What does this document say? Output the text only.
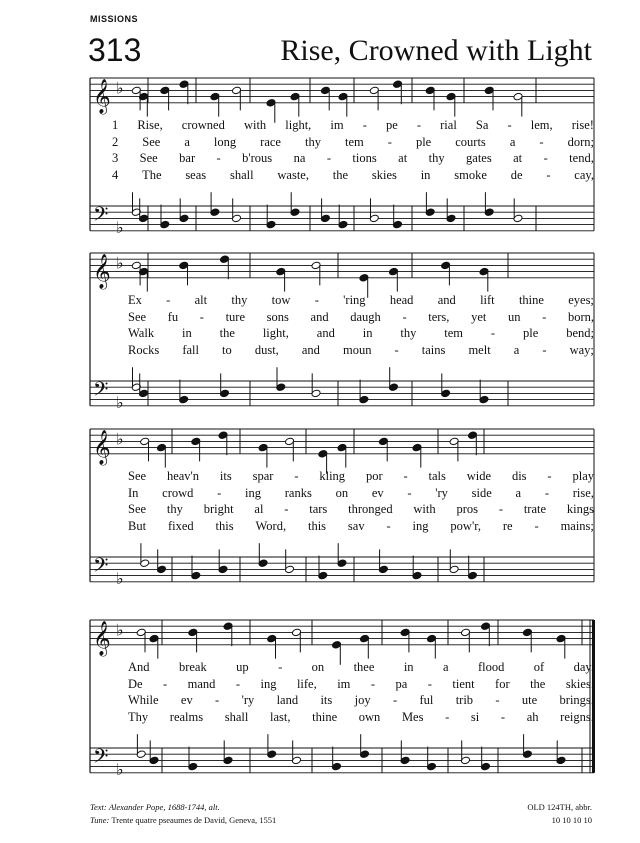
MISSIONS
313	Rise, Crowned with Light
𝄞 ♭
𝄢 ♭
𝄞 ♭
𝄢 ♭
𝄞 ♭
𝄢 ♭
𝄞 ♭
𝄢 ♭
Text: Alexander Pope, 1688-1744, alt.
Tune: Trente quatre pseaumes de David, Geneva, 1551
OLD 124TH, abbr.
10 10 10 10
1 Rise, crowned with light, im - pe - rial Sa - lem, rise!
2 See a long race thy tem - ple courts a - dorn;
3 See bar - b'rous na - tions at thy gates at - tend,
4 The seas shall waste, the skies in smoke de - cay,
Ex - alt thy tow - 'ring head and lift thine eyes;
See fu - ture sons and daugh - ters, yet un - born,
Walk in the light, and in thy tem - ple bend;
Rocks fall to dust, and moun - tains melt a - way;
See heav'n its spar - kling por - tals wide dis - play
In crowd - ing ranks on ev - 'ry side a - rise,
See thy bright al - tars thronged with pros - trate kings
But fixed this Word, this sav - ing pow'r, re - mains;
And break up - on thee in a flood of day.
De - mand - ing life, im - pa - tient for the skies.
While ev - 'ry land its joy - ful trib - ute brings.
Thy realms shall last, thine own Mes - si - ah reigns.
